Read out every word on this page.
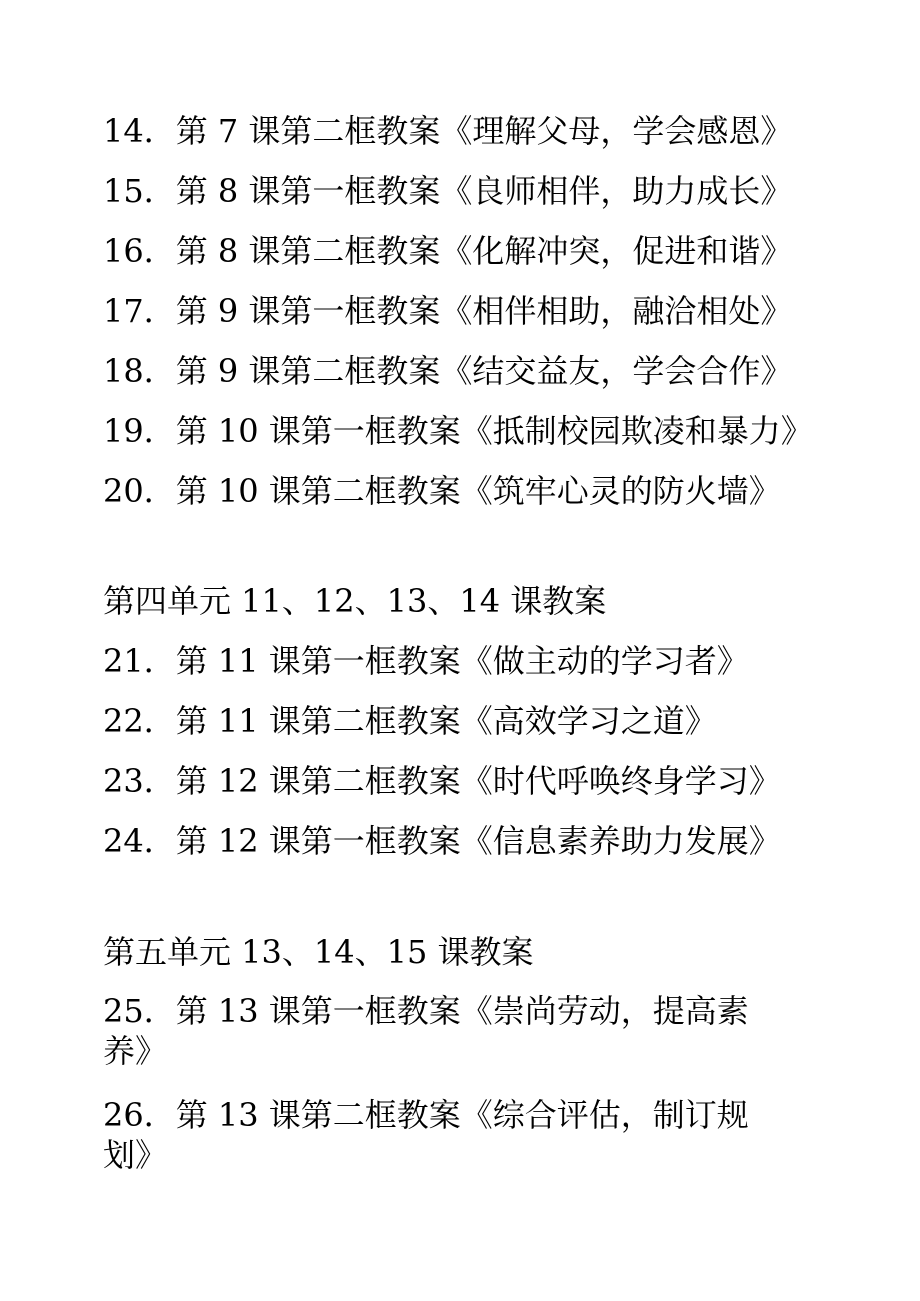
14．第 7 课第二框教案《理解父母，学会感恩》
15．第 8 课第一框教案《良师相伴，助力成长》
16．第 8 课第二框教案《化解冲突，促进和谐》
17．第 9 课第一框教案《相伴相助，融洽相处》
18．第 9 课第二框教案《结交益友，学会合作》
19．第 10 课第一框教案《抵制校园欺凌和暴力》
20．第 10 课第二框教案《筑牢心灵的防火墙》
第四单元 11、12、13、14 课教案
21．第 11 课第一框教案《做主动的学习者》
22．第 11 课第二框教案《高效学习之道》
23．第 12 课第二框教案《时代呼唤终身学习》
24．第 12 课第一框教案《信息素养助力发展》
第五单元 13、14、15 课教案
25．第 13 课第一框教案《崇尚劳动，提高素养》
26．第 13 课第二框教案《综合评估，制订规划》
